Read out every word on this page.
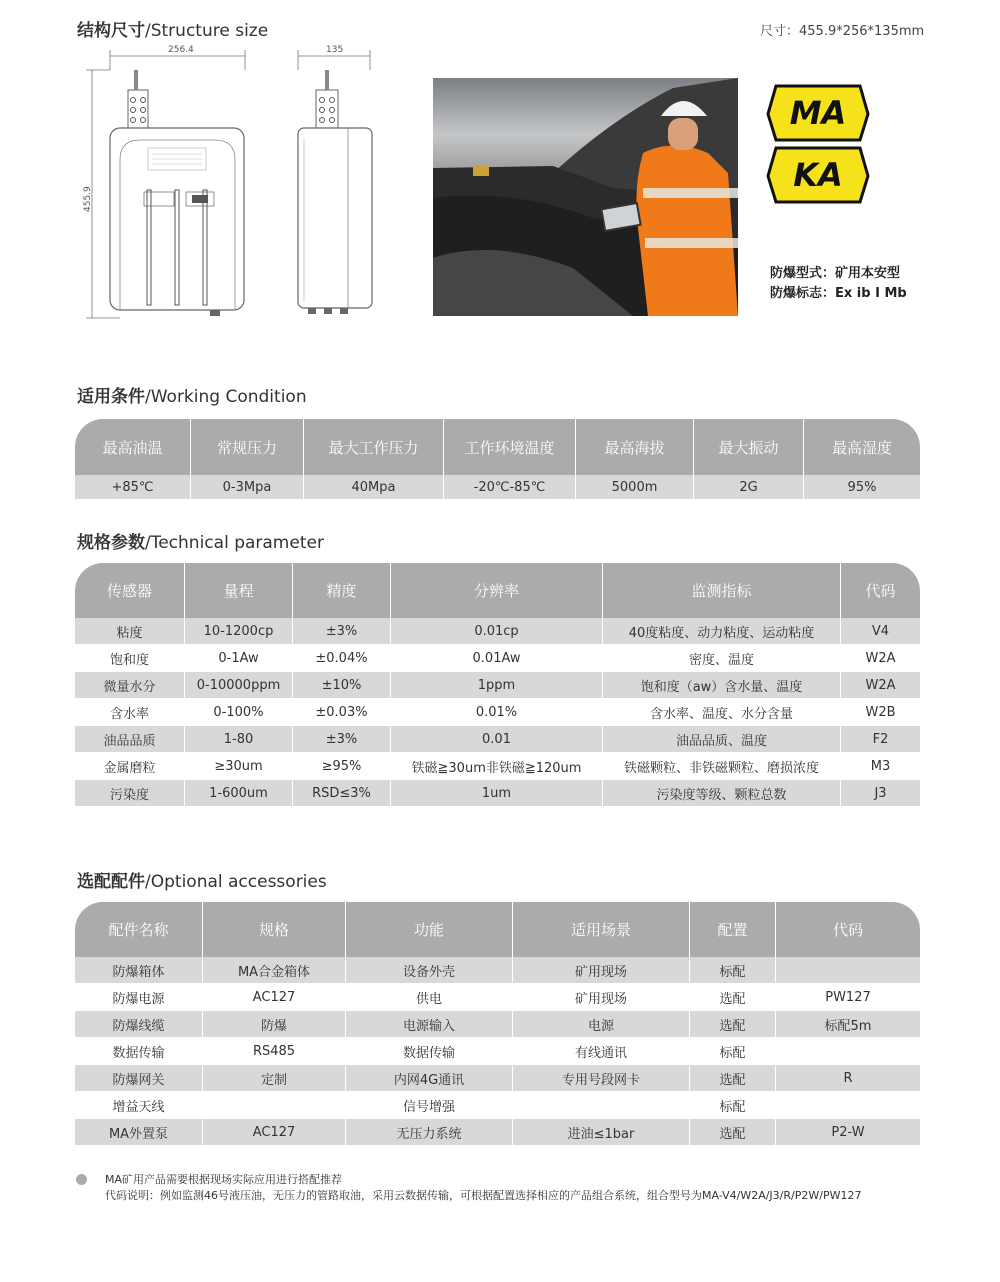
结构尺寸/Structure size	尺寸：455.9*256*135mm
256.4
455.9
135
MA
KA
防爆型式：矿用本安型
防爆标志：Ex ib I Mb
适用条件/Working Condition
最高油温	常规压力	最大工作压力	工作环境温度	最高海拔	最大振动	最高湿度
+85℃	0-3Mpa	40Mpa	-20℃-85℃	5000m	2G	95%
规格参数/Technical parameter
传感器	量程	精度	分辨率	监测指标	代码
粘度	10-1200cp	±3%	0.01cp	40度粘度、动力粘度、运动粘度	V4
饱和度	0-1Aw	±0.04%	0.01Aw	密度、温度	W2A
微量水分	0-10000ppm	±10%	1ppm	饱和度（aw）含水量、温度	W2A
含水率	0-100%	±0.03%	0.01%	含水率、温度、水分含量	W2B
油品品质	1-80	±3%	0.01	油品品质、温度	F2
金属磨粒	≥30um	≥95%	铁磁≧30um非铁磁≧120um	铁磁颗粒、非铁磁颗粒、磨损浓度	M3
污染度	1-600um	RSD≤3%	1um	污染度等级、颗粒总数	J3
选配配件/Optional accessories
配件名称	规格	功能	适用场景	配置	代码
防爆箱体	MA合金箱体	设备外壳	矿用现场	标配	
防爆电源	AC127	供电	矿用现场	选配	PW127
防爆线缆	防爆	电源输入	电源	选配	标配5m
数据传输	RS485	数据传输	有线通讯	标配	
防爆网关	定制	内网4G通讯	专用号段网卡	选配	R
增益天线		信号增强		标配	
MA外置泵	AC127	无压力系统	进油≤1bar	选配	P2-W
MA矿用产品需要根据现场实际应用进行搭配推荐
代码说明：例如监测46号液压油，无压力的管路取油，采用云数据传输，可根据配置选择相应的产品组合系统，组合型号为MA-V4/W2A/J3/R/P2W/PW127
